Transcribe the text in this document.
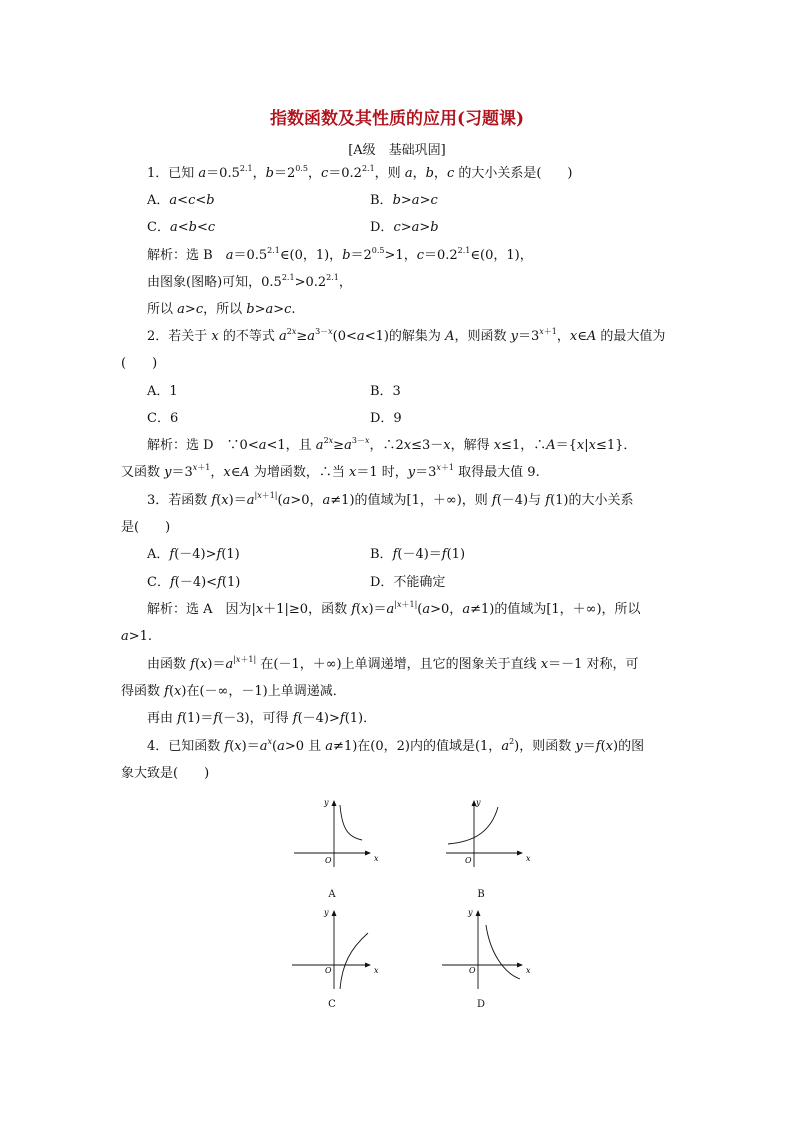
指数函数及其性质的应用(习题课)
[A级　基础巩固]
1．已知 $a=0.5^{2.1}$，$b=2^{0.5}$，$c=0.2^{2.1}$，则 a，b，c 的大小关系是(　　)
A．a<c<b	B．b>a>c
C．a<b<c	D．c>a>b
解析：选 B　$a=0.5^{2.1}\in(0$，1)，$b=2^{0.5}>1$，$c=0.2^{2.1}\in(0$，1)，
由图象(图略)可知，$0.5^{2.1}>0.2^{2.1}$，
所以 a>c，所以 b>a>c.
2．若关于 x 的不等式 $a^{2x}\ge a^{3-x}(0<a<1)$的解集为 A，则函数 $y=3^{x+1}$，x∈A 的最大值为
(　　)
A．1	B．3
C．6	D．9
解析：选 D　∵0<a<1，且 $a^{2x}\ge a^{3-x}$，∴2x≤3－x，解得 x≤1，∴A＝{x|x≤1}．
又函数 $y=3^{x+1}$，x∈A 为增函数，∴当 x＝1 时，$y=3^{x+1}$ 取得最大值 9.
3．若函数 $f(x)=a^{|x+1|}(a>0$，a≠1)的值域为[1，＋∞)，则 f(－4)与 f(1)的大小关系
是(　　)
A．f(－4)>f(1)	B．f(－4)＝f(1)
C．f(－4)<f(1)	D．不能确定
解析：选 A　因为|x＋1|≥0，函数 $f(x)=a^{|x+1|}(a>0$，a≠1)的值域为[1，＋∞)，所以
a>1.
由函数 $f(x)=a^{|x+1|}$ 在(－1，＋∞)上单调递增，且它的图象关于直线 x＝－1 对称，可
得函数 f(x)在(－∞，－1)上单调递减．
再由 f(1)＝f(－3)，可得 f(－4)>f(1)．
4．已知函数 $f(x)=a^x(a>0$ 且 a≠1)在(0，2)内的值域是(1，$a^2$)，则函数 y＝f(x)的图
象大致是(　　)
x
y
O
A
x
y
O
B
x
y
O
C
x
y
O
D
